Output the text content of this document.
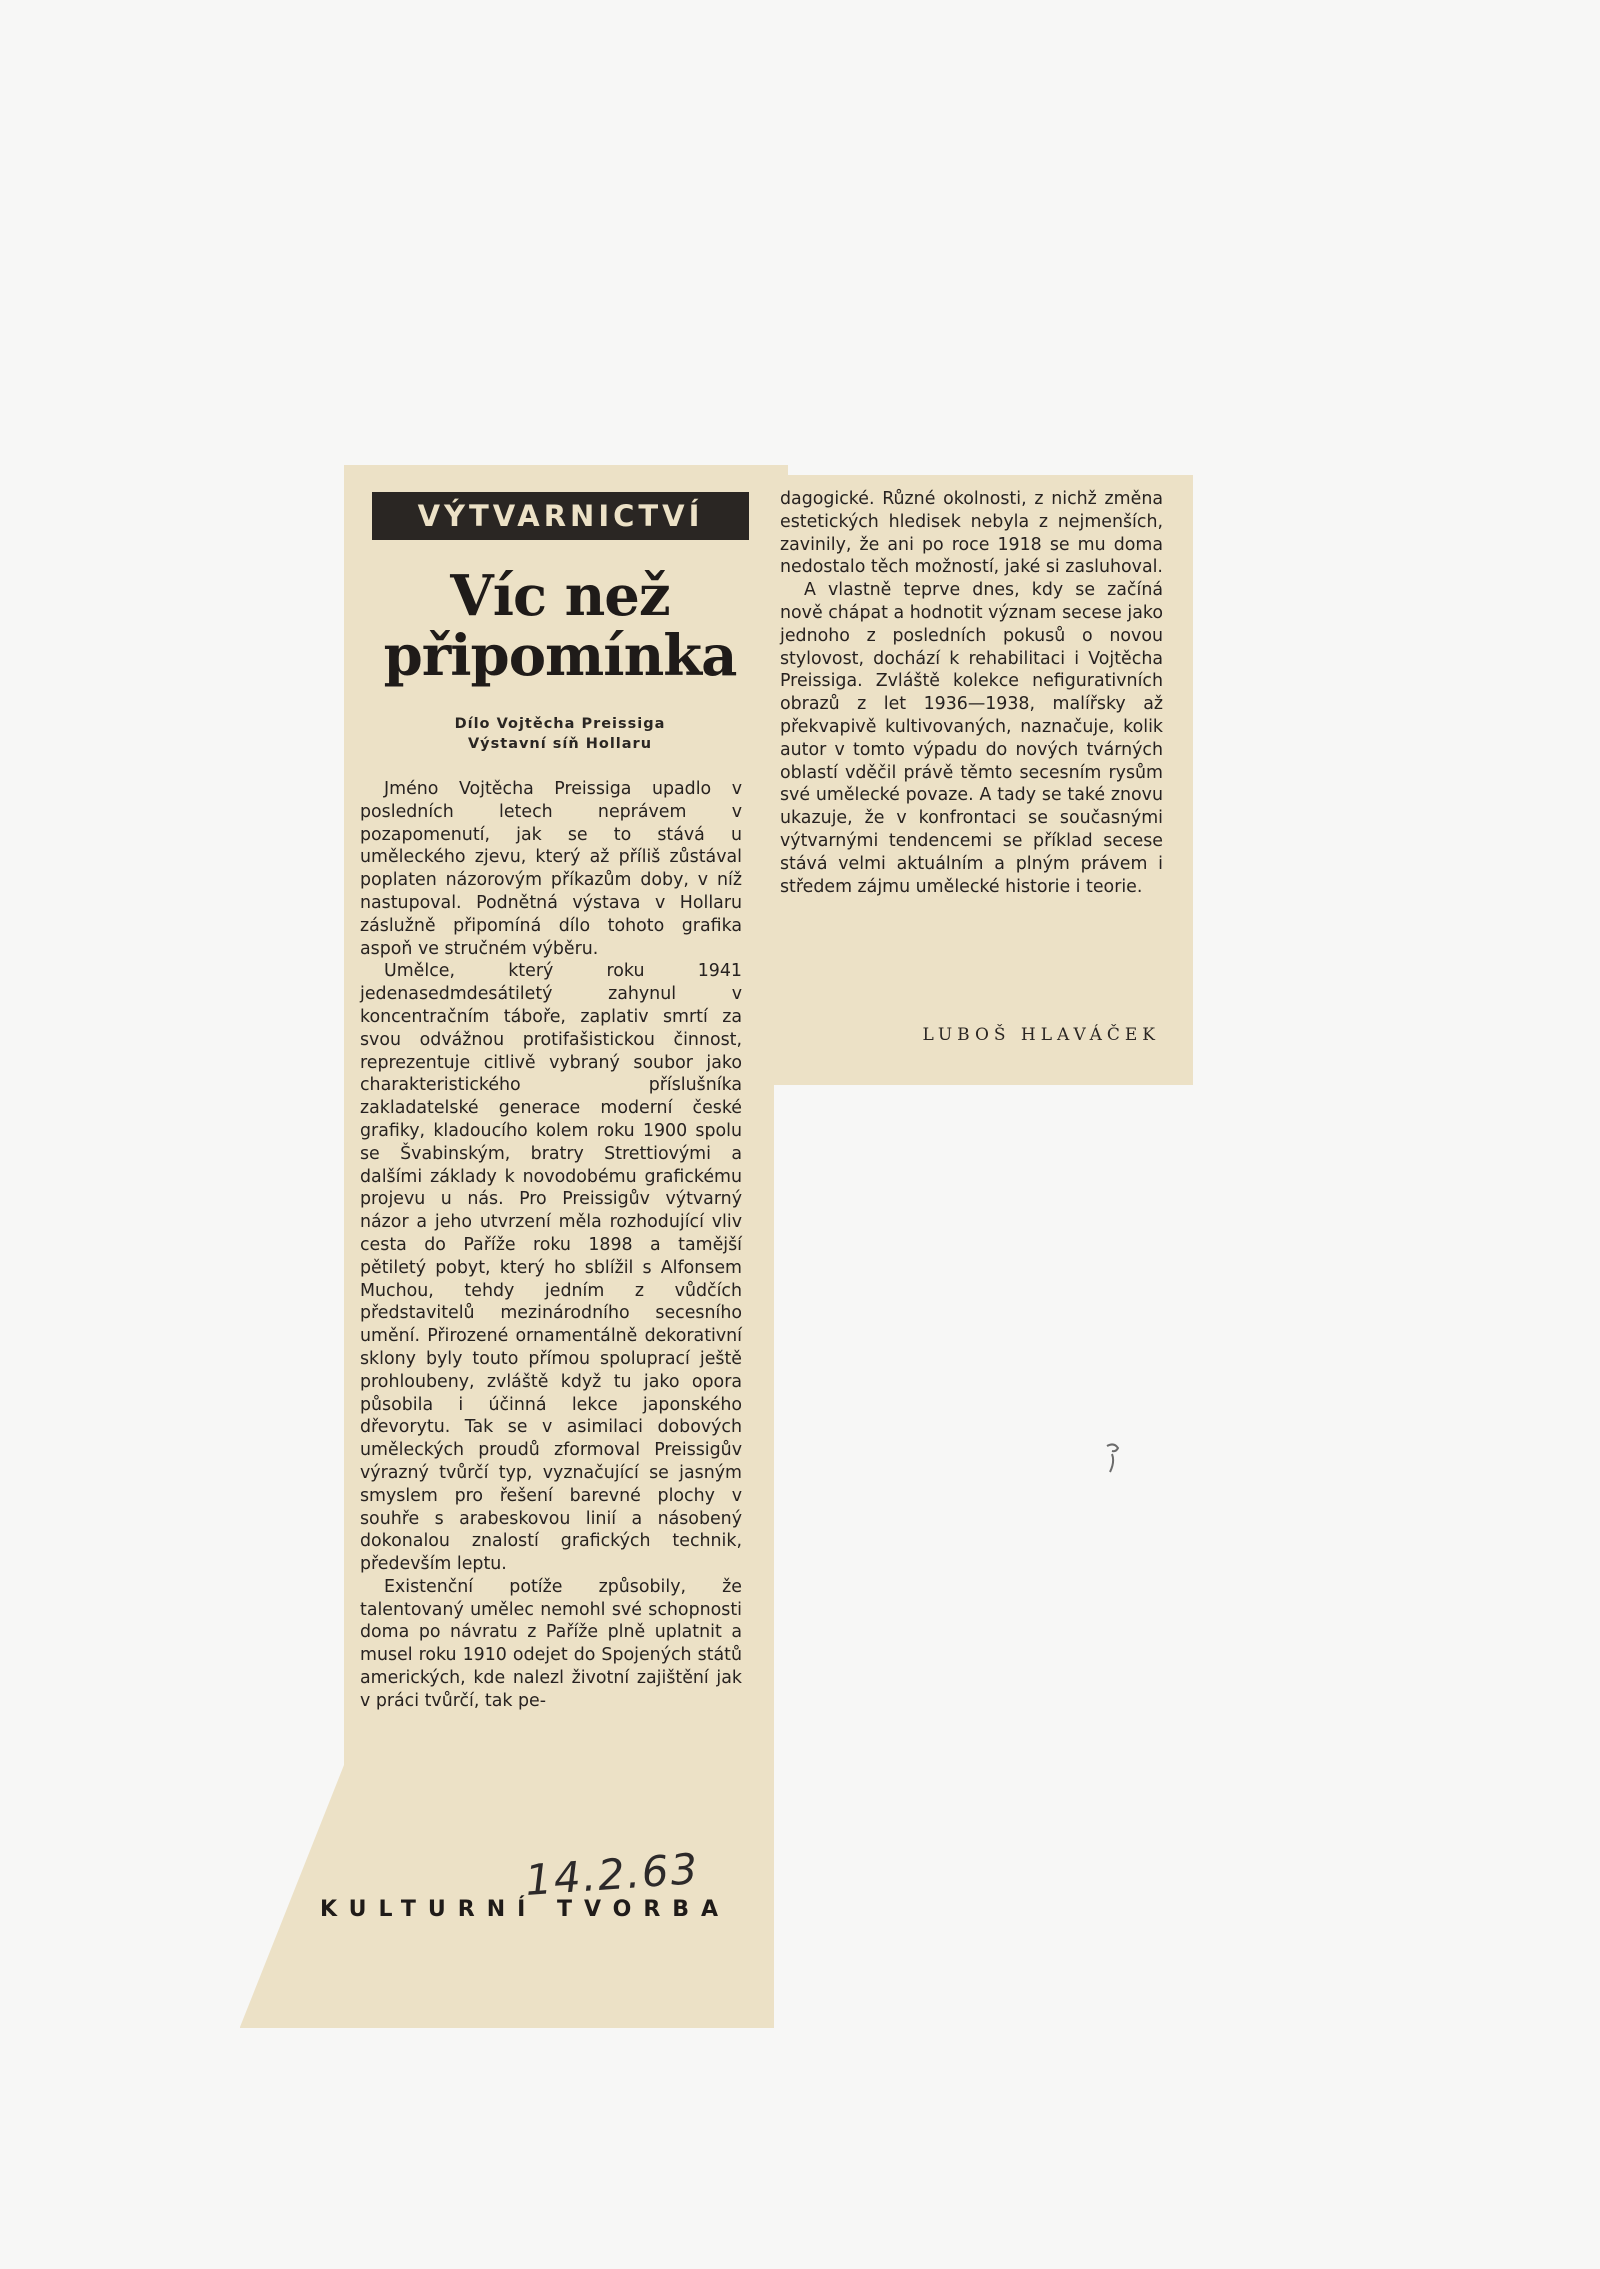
VÝTVARNICTVÍ
Víc než
připomínka
Dílo Vojtěcha Preissiga
Výstavní síň Hollaru

Jméno Vojtěcha Preissiga upadlo v posledních letech neprávem v pozapomenutí, jak se to stává u uměleckého zjevu, který až příliš zůstával poplaten názorovým příkazům doby, v níž nastupoval. Podnětná výstava v Hollaru záslužně připomíná dílo tohoto grafika aspoň ve stručném výběru.

Umělce, který roku 1941 jedenasedmdesátiletý zahynul v koncentračním táboře, zaplativ smrtí za svou odvážnou protifašistickou činnost, reprezentuje citlivě vybraný soubor jako charakteristického příslušníka zakladatelské generace moderní české grafiky, kladoucího kolem roku 1900 spolu se Švabinským, bratry Strettiovými a dalšími základy k novodobému grafickému projevu u nás. Pro Preissigův výtvarný názor a jeho utvrzení měla rozhodující vliv cesta do Paříže roku 1898 a tamější pětiletý pobyt, který ho sblížil s Alfonsem Muchou, tehdy jedním z vůdčích představitelů mezinárodního secesního umění. Přirozené ornamentálně dekorativní sklony byly touto přímou spoluprací ještě prohloubeny, zvláště když tu jako opora působila i účinná lekce japonského dřevorytu. Tak se v asimilaci dobových uměleckých proudů zformoval Preissigův výrazný tvůrčí typ, vyznačující se jasným smyslem pro řešení barevné plochy v souhře s arabeskovou linií a násobený dokonalou znalostí grafických technik, především leptu.

Existenční potíže způsobily, že talentovaný umělec nemohl své schopnosti doma po návratu z Paříže plně uplatnit a musel roku 1910 odejet do Spojených států amerických, kde nalezl životní zajištění jak v práci tvůrčí, tak pe-

dagogické. Různé okolnosti, z nichž změna estetických hledisek nebyla z nejmenších, zavinily, že ani po roce 1918 se mu doma nedostalo těch možností, jaké si zasluhoval.

A vlastně teprve dnes, kdy se začíná nově chápat a hodnotit význam secese jako jednoho z posledních pokusů o novou stylovost, dochází k rehabilitaci i Vojtěcha Preissiga. Zvláště kolekce nefigurativních obrazů z let 1936—1938, malířsky až překvapivě kultivovaných, naznačuje, kolik autor v tomto výpadu do nových tvárných oblastí vděčil právě těmto secesním rysům své umělecké povaze. A tady se také znovu ukazuje, že v konfrontaci se současnými výtvarnými tendencemi se příklad secese stává velmi aktuálním a plným právem i středem zájmu umělecké historie i teorie.

LUBOŠ HLAVÁČEK
14.2.63
KULTURNÍ TVORBA
